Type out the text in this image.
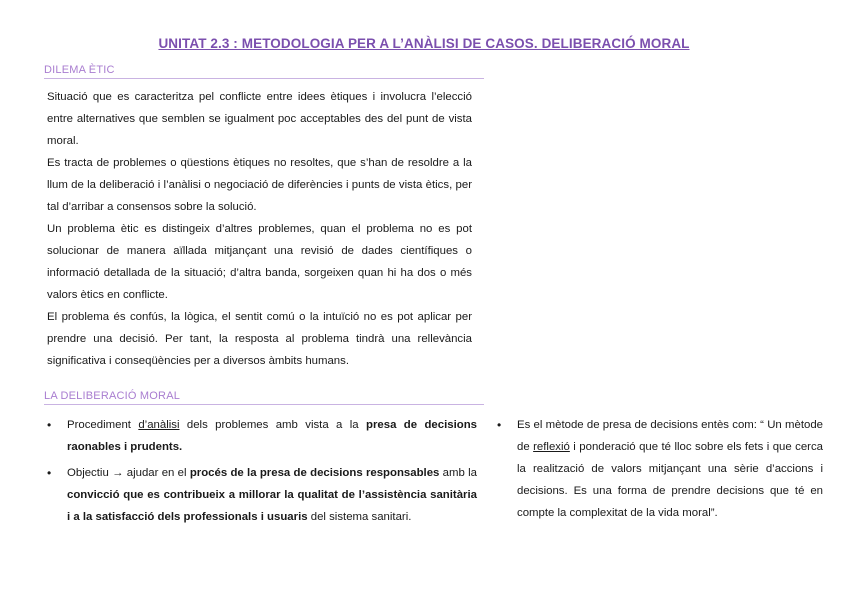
UNITAT 2.3 : METODOLOGIA PER A L’ANÀLISI DE CASOS. DELIBERACIÓ MORAL
DILEMA ÈTIC

Situació que es caracteritza pel conflicte entre idees ètiques i involucra l’elecció entre alternatives que semblen se igualment poc acceptables des del punt de vista moral.

Es tracta de problemes o qüestions ètiques no resoltes, que s’han de resoldre a la llum de la deliberació i l’anàlisi o negociació de diferències i punts de vista ètics, per tal d’arribar a consensos sobre la solució.

Un problema ètic es distingeix d’altres problemes, quan el problema no es pot solucionar de manera aïllada mitjançant una revisió de dades científiques o informació detallada de la situació; d’altra banda, sorgeixen quan hi ha dos o més valors ètics en conflicte.

El problema és confús, la lògica, el sentit comú o la intuïció no es pot aplicar per prendre una decisió. Per tant, la resposta al problema tindrà una rellevància significativa i conseqüències per a diversos àmbits humans.

LA DELIBERACIÓ MORAL
•	Procediment d’anàlisi dels problemes amb vista a la presa de decisions raonables i prudents.
•	Objectiu → ajudar en el procés de la presa de decisions responsables amb la convicció que es contribueix a millorar la qualitat de l’assistència sanitària i a la satisfacció dels professionals i usuaris del sistema sanitari.
•	Es el mètode de presa de decisions entès com: “ Un mètode de reflexió i ponderació que té lloc sobre els fets i que cerca la realització de valors mitjançant una sèrie d’accions i decisions. Es una forma de prendre decisions que té en compte la complexitat de la vida moral”.
